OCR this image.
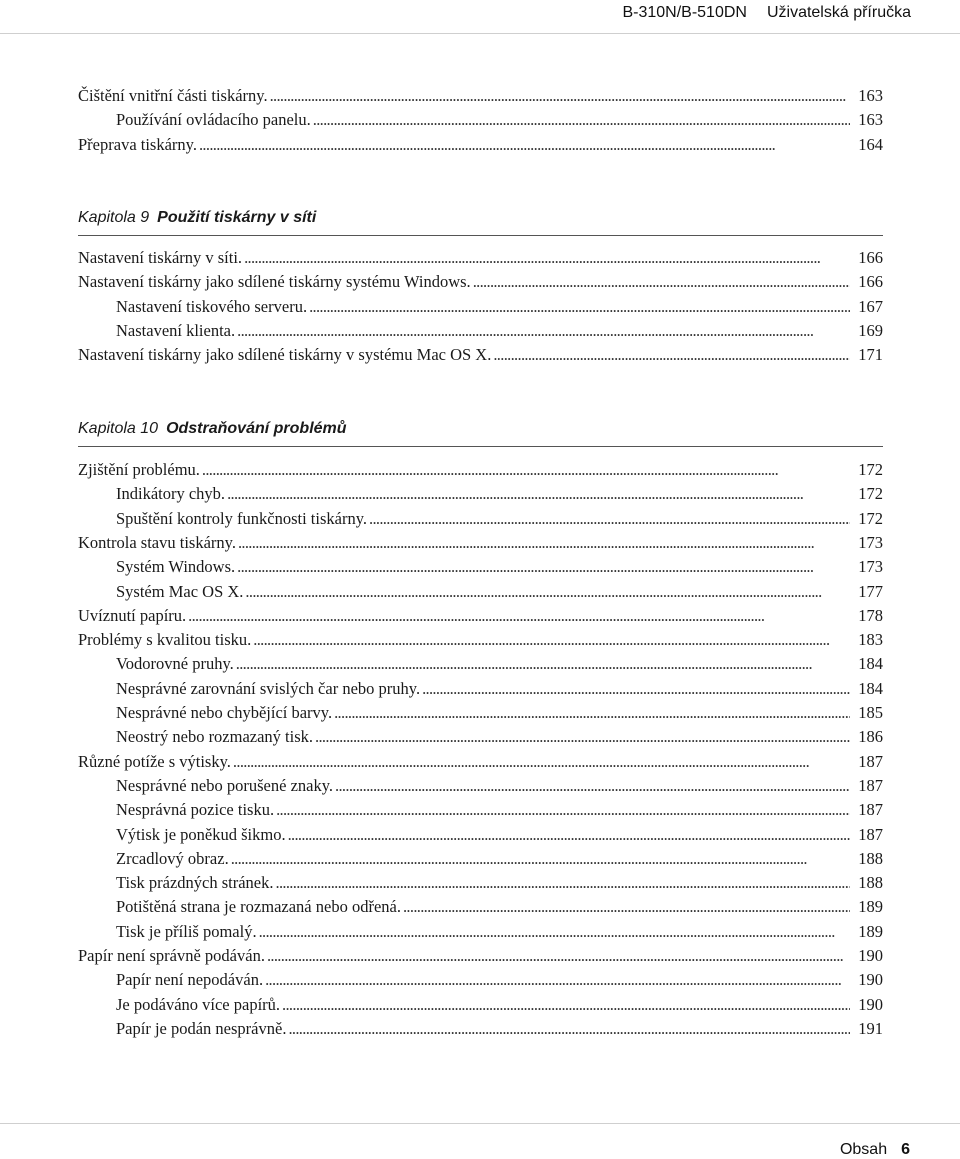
B-310N/B-510DN Uživatelská příručka
Obsah 6
Čištění vnitřní části tiskárny. . . .	163
Používání ovládacího panelu. . . .	163
Přeprava tiskárny. . . .	164
Kapitola 9 Použití tiskárny v síti
Nastavení tiskárny v síti. . . .	166
Nastavení tiskárny jako sdílené tiskárny systému Windows. . . .	166
Nastavení tiskového serveru. . . .	167
Nastavení klienta. . . .	169
Nastavení tiskárny jako sdílené tiskárny v systému Mac OS X. . . .	171
Kapitola 10 Odstraňování problémů
Zjištění problému. . . .	172
Indikátory chyb. . . .	172
Spuštění kontroly funkčnosti tiskárny. . . .	172
Kontrola stavu tiskárny. . . .	173
Systém Windows. . . .	173
Systém Mac OS X. . . .	177
Uvíznutí papíru. . . .	178
Problémy s kvalitou tisku. . . .	183
Vodorovné pruhy. . . .	184
Nesprávné zarovnání svislých čar nebo pruhy. . . .	184
Nesprávné nebo chybějící barvy. . . .	185
Neostrý nebo rozmazaný tisk. . . .	186
Různé potíže s výtisky. . . .	187
Nesprávné nebo porušené znaky. . . .	187
Nesprávná pozice tisku. . . .	187
Výtisk je poněkud šikmo. . . .	187
Zrcadlový obraz. . . .	188
Tisk prázdných stránek. . . .	188
Potištěná strana je rozmazaná nebo odřená. . . .	189
Tisk je příliš pomalý. . . .	189
Papír není správně podáván. . . .	190
Papír není nepodáván. . . .	190
Je podáváno více papírů. . . .	190
Papír je podán nesprávně. . . .	191
